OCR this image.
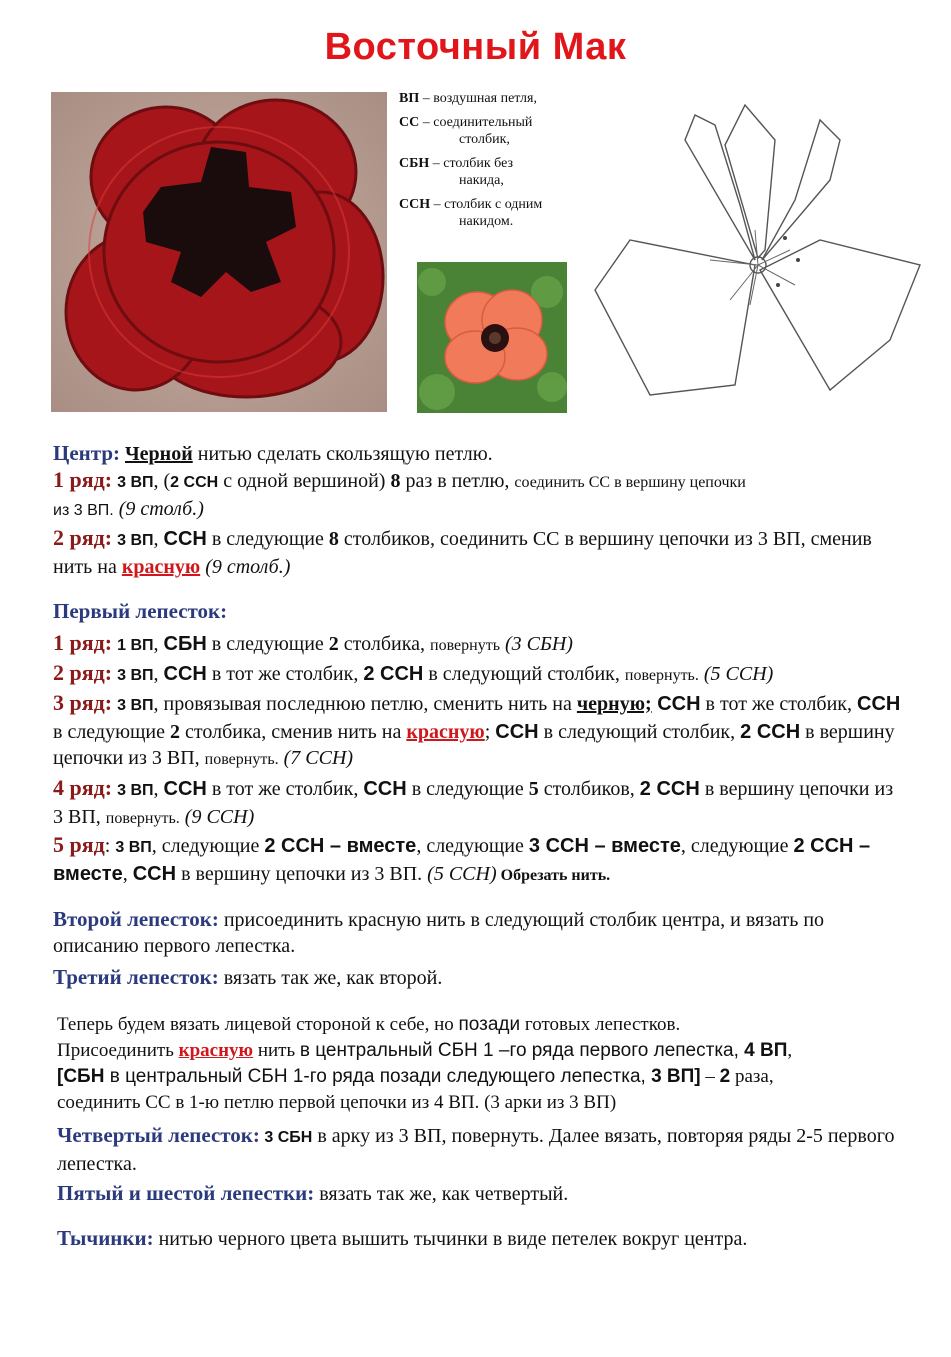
Восточный Мак
ВП – воздушная петля,
СС – соединительный
столбик,
СБН – столбик без
накида,
ССН – столбик с одним
накидом.
Центр: Черной нитью сделать скользящую петлю.
1 ряд: 3 ВП, (2 ССН с одной вершиной) 8 раз в петлю, соединить СС в вершину цепочки
из 3 ВП. (9 столб.)
2 ряд: 3 ВП, ССН в следующие 8 столбиков, соединить СС в вершину цепочки из 3 ВП, сменив нить на красную (9 столб.)
Первый лепесток:
1 ряд: 1 ВП, СБН в следующие 2 столбика, повернуть (3 СБН)
2 ряд: 3 ВП, ССН в тот же столбик, 2 ССН в следующий столбик, повернуть. (5 ССН)
3 ряд: 3 ВП, провязывая последнюю петлю, сменить нить на черную; ССН в тот же столбик, ССН в следующие 2 столбика, сменив нить на красную; ССН в следующий столбик, 2 ССН в вершину цепочки из 3 ВП, повернуть. (7 ССН)
4 ряд: 3 ВП, ССН в тот же столбик, ССН в следующие 5 столбиков, 2 ССН в вершину цепочки из 3 ВП, повернуть. (9 ССН)
5 ряд: 3 ВП, следующие 2 ССН – вместе, следующие 3 ССН – вместе, следующие 2 ССН – вместе, ССН в вершину цепочки из 3 ВП. (5 ССН) Обрезать нить.
Второй лепесток: присоединить красную нить в следующий столбик центра, и вязать по описанию первого лепестка.
Третий лепесток: вязать так же, как второй.
Теперь будем вязать лицевой стороной к себе, но позади готовых лепестков.
Присоединить красную нить в центральный СБН 1 –го ряда первого лепестка, 4 ВП,
[СБН в центральный СБН 1-го ряда позади следующего лепестка, 3 ВП] – 2 раза,
соединить СС в 1-ю петлю первой цепочки из 4 ВП. (3 арки из 3 ВП)
Четвертый лепесток: 3 СБН в арку из 3 ВП, повернуть. Далее вязать, повторяя ряды 2-5 первого лепестка.
Пятый и шестой лепестки: вязать так же, как четвертый.
Тычинки: нитью черного цвета вышить тычинки в виде петелек вокруг центра.
